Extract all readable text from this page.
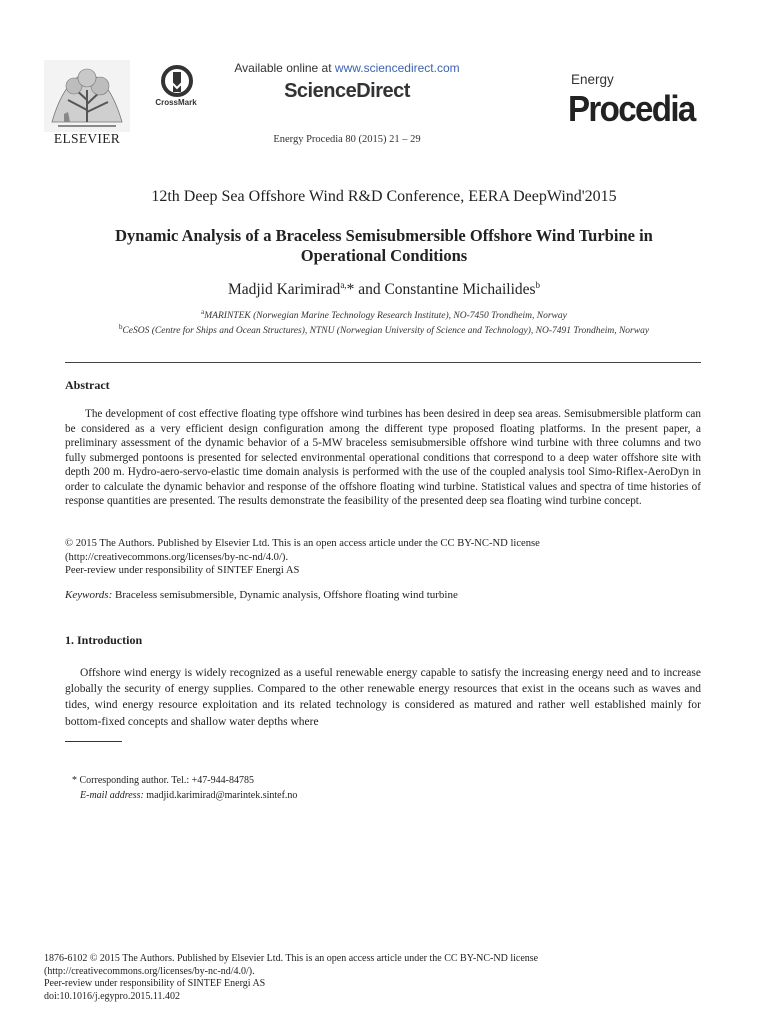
ELSEVIER
CrossMark
Available online at www.sciencedirect.com
ScienceDirect
Energy Procedia 80 (2015) 21 – 29
Energy
Procedia
12th Deep Sea Offshore Wind R&D Conference, EERA DeepWind'2015
Dynamic Analysis of a Braceless Semisubmersible Offshore Wind Turbine in
Operational Conditions
Madjid Karimirad$^{a,}$* and Constantine Michailides$^b$
$^a$MARINTEK (Norwegian Marine Technology Research Institute), NO-7450 Trondheim, Norway
$^b$CeSOS (Centre for Ships and Ocean Structures), NTNU (Norwegian University of Science and Technology), NO-7491 Trondheim, Norway
Abstract
The development of cost effective floating type offshore wind turbines has been desired in deep sea areas. Semisubmersible platform can be considered as a very efficient design configuration among the different type proposed floating platforms. In the present paper, a preliminary assessment of the dynamic behavior of a 5-MW braceless semisubmersible offshore wind turbine with three columns and two fully submerged pontoons is presented for selected environmental operational conditions that correspond to a deep water offshore site with depth 200 m. Hydro-aero-servo-elastic time domain analysis is performed with the use of the coupled analysis tool Simo-Riflex-AeroDyn in order to calculate the dynamic behavior and response of the offshore floating wind turbine. Statistical values and spectra of time histories of response quantities are presented. The results demonstrate the feasibility of the presented deep sea floating wind turbine concept.
© 2015 The Authors. Published by Elsevier Ltd. This is an open access article under the CC BY-NC-ND license
(http://creativecommons.org/licenses/by-nc-nd/4.0/).
Peer-review under responsibility of SINTEF Energi AS
Keywords: Braceless semisubmersible, Dynamic analysis, Offshore floating wind turbine
1. Introduction
Offshore wind energy is widely recognized as a useful renewable energy capable to satisfy the increasing energy need and to increase globally the security of energy supplies. Compared to the other renewable energy resources that exist in the oceans such as waves and tides, wind energy resource exploitation and its related technology is considered as matured and rather well established mainly for bottom-fixed concepts and shallow water depths where
* Corresponding author. Tel.: +47-944-84785
E-mail address: madjid.karimirad@marintek.sintef.no
1876-6102 © 2015 The Authors. Published by Elsevier Ltd. This is an open access article under the CC BY-NC-ND license
(http://creativecommons.org/licenses/by-nc-nd/4.0/).
Peer-review under responsibility of SINTEF Energi AS
doi:10.1016/j.egypro.2015.11.402
